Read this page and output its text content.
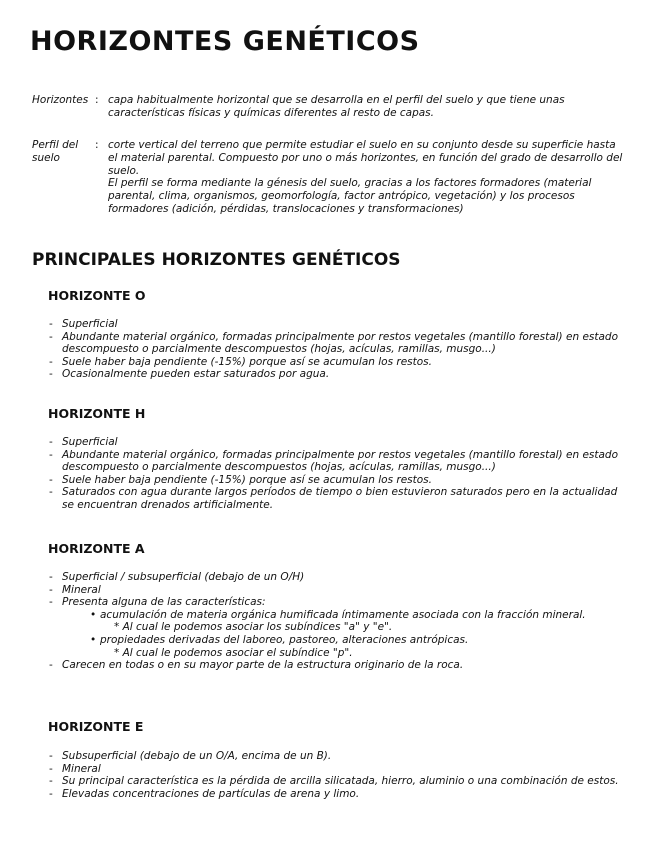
HORIZONTES GENÉTICOS
Horizontes : capa habitualmente horizontal que se desarrolla en el perfil del suelo y que tiene unas características físicas y químicas diferentes al resto de capas.

Perfil del suelo
: corte vertical del terreno que permite estudiar el suelo en su conjunto desde su superficie hasta el material parental. Compuesto por uno o más horizontes, en función del grado de desarrollo del suelo.

El perfil se forma mediante la génesis del suelo, gracias a los factores formadores (material parental, clima, organismos, geomorfología, factor antrópico, vegetación) y los procesos formadores (adición, pérdidas, translocaciones y transformaciones)

PRINCIPALES HORIZONTES GENÉTICOS
HORIZONTE O
- Superficial
- Abundante material orgánico, formadas principalmente por restos vegetales (mantillo forestal) en estado descompuesto o parcialmente descompuestos (hojas, acículas, ramillas, musgo...)
- Suele haber baja pendiente (-15%) porque así se acumulan los restos.
- Ocasionalmente pueden estar saturados por agua.
HORIZONTE H
- Superficial
- Abundante material orgánico, formadas principalmente por restos vegetales (mantillo forestal) en estado descompuesto o parcialmente descompuestos (hojas, acículas, ramillas, musgo...)
- Suele haber baja pendiente (-15%) porque así se acumulan los restos.
- Saturados con agua durante largos períodos de tiempo o bien estuvieron saturados pero en la actualidad se encuentran drenados artificialmente.
HORIZONTE A
- Superficial / subsuperficial (debajo de un O/H)
- Mineral
- Presenta alguna de las características:
• acumulación de materia orgánica humificada íntimamente asociada con la fracción mineral.
* Al cual le podemos asociar los subíndices "a" y "e".
• propiedades derivadas del laboreo, pastoreo, alteraciones antrópicas.
* Al cual le podemos asociar el subíndice "p".
- Carecen en todas o en su mayor parte de la estructura originario de la roca.
HORIZONTE E
- Subsuperficial (debajo de un O/A, encima de un B).
- Mineral
- Su principal característica es la pérdida de arcilla silicatada, hierro, aluminio o una combinación de estos.
- Elevadas concentraciones de partículas de arena y limo.
